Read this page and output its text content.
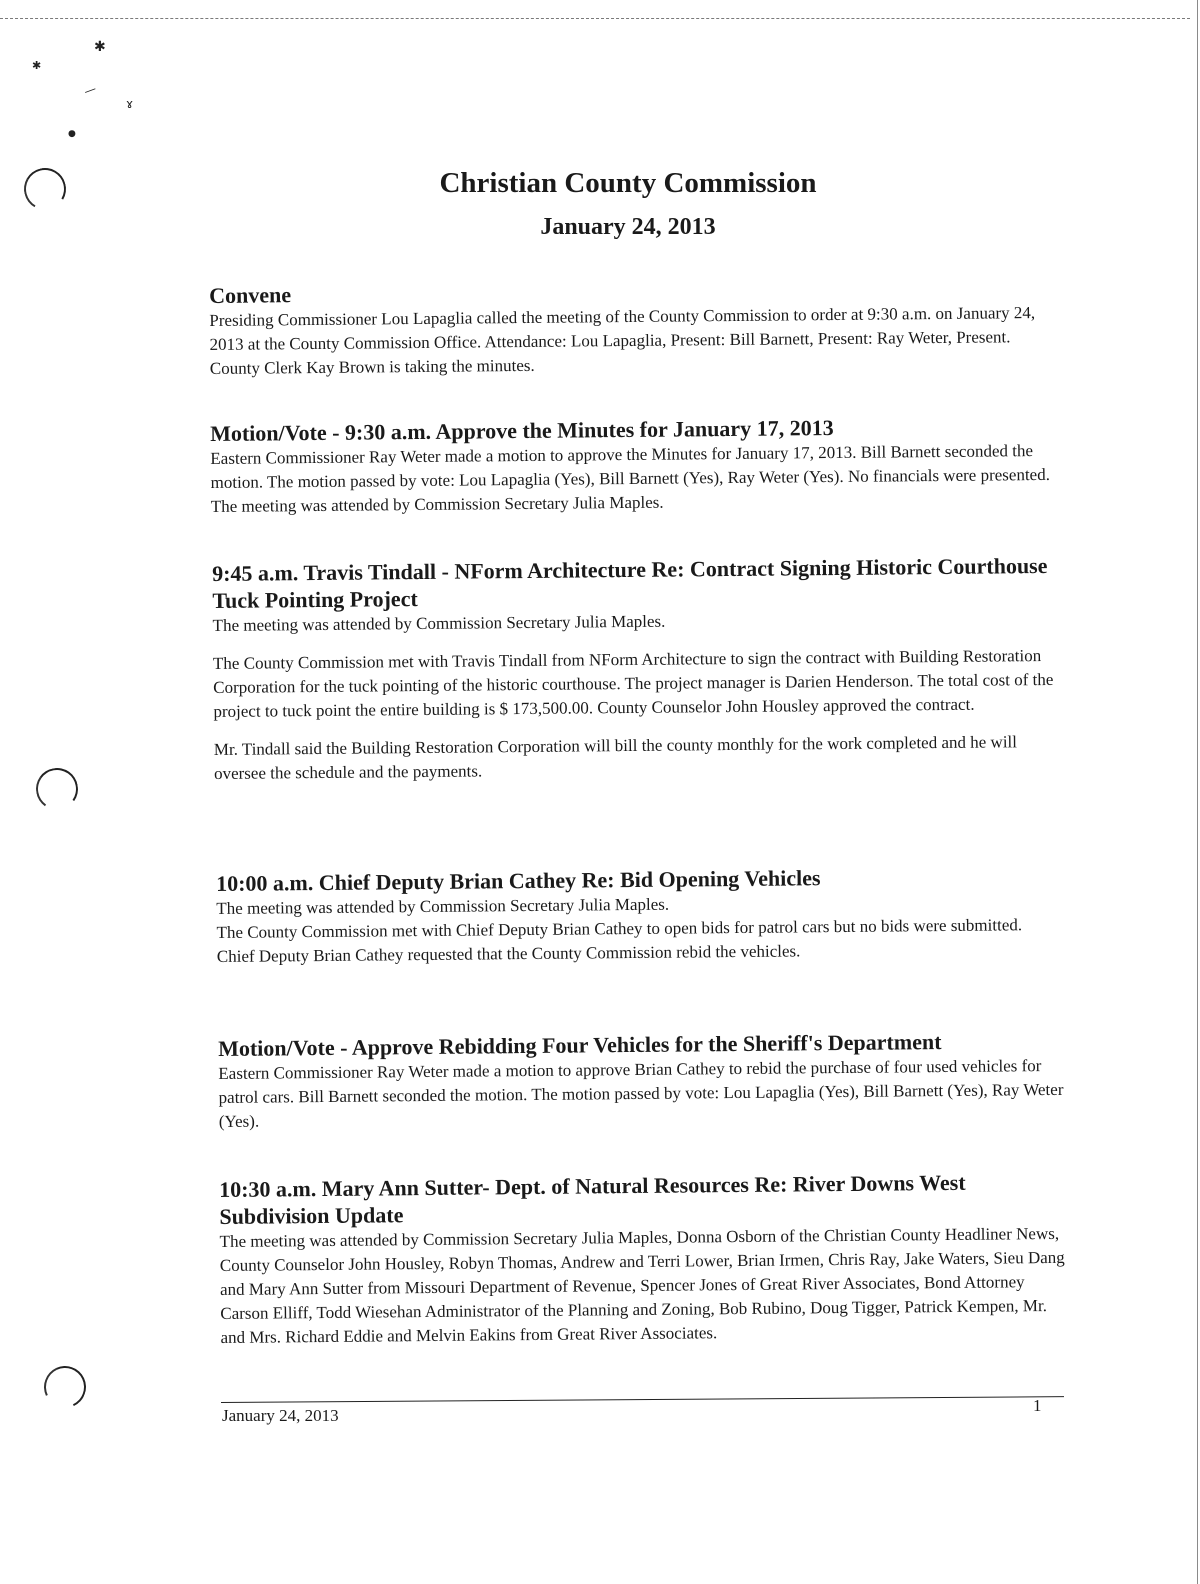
✱
✱
—
ɤ
●
Christian County Commission
January 24, 2013
Convene
Presiding Commissioner Lou Lapaglia called the meeting of the County Commission to order at 9:30 a.m. on January 24, 2013 at the County Commission Office. Attendance: Lou Lapaglia, Present: Bill Barnett, Present: Ray Weter, Present. County Clerk Kay Brown is taking the minutes.
Motion/Vote - 9:30 a.m. Approve the Minutes for January 17, 2013
Eastern Commissioner Ray Weter made a motion to approve the Minutes for January 17, 2013. Bill Barnett seconded the motion. The motion passed by vote: Lou Lapaglia (Yes), Bill Barnett (Yes), Ray Weter (Yes). No financials were presented. The meeting was attended by Commission Secretary Julia Maples.
9:45 a.m. Travis Tindall - NForm Architecture Re: Contract Signing Historic Courthouse Tuck Pointing Project
The meeting was attended by Commission Secretary Julia Maples.
The County Commission met with Travis Tindall from NForm Architecture to sign the contract with Building Restoration Corporation for the tuck pointing of the historic courthouse. The project manager is Darien Henderson. The total cost of the project to tuck point the entire building is $ 173,500.00. County Counselor John Housley approved the contract.
Mr. Tindall said the Building Restoration Corporation will bill the county monthly for the work completed and he will oversee the schedule and the payments.
10:00 a.m. Chief Deputy Brian Cathey Re: Bid Opening Vehicles
The meeting was attended by Commission Secretary Julia Maples.
The County Commission met with Chief Deputy Brian Cathey to open bids for patrol cars but no bids were submitted.
Chief Deputy Brian Cathey requested that the County Commission rebid the vehicles.
Motion/Vote - Approve Rebidding Four Vehicles for the Sheriff's Department
Eastern Commissioner Ray Weter made a motion to approve Brian Cathey to rebid the purchase of four used vehicles for patrol cars. Bill Barnett seconded the motion. The motion passed by vote: Lou Lapaglia (Yes), Bill Barnett (Yes), Ray Weter (Yes).
10:30 a.m. Mary Ann Sutter- Dept. of Natural Resources Re: River Downs West Subdivision Update
The meeting was attended by Commission Secretary Julia Maples, Donna Osborn of the Christian County Headliner News, County Counselor John Housley, Robyn Thomas, Andrew and Terri Lower, Brian Irmen, Chris Ray, Jake Waters, Sieu Dang and Mary Ann Sutter from Missouri Department of Revenue, Spencer Jones of Great River Associates, Bond Attorney Carson Elliff, Todd Wiesehan Administrator of the Planning and Zoning, Bob Rubino, Doug Tigger, Patrick Kempen, Mr. and Mrs. Richard Eddie and Melvin Eakins from Great River Associates.
January 24, 2013
1
